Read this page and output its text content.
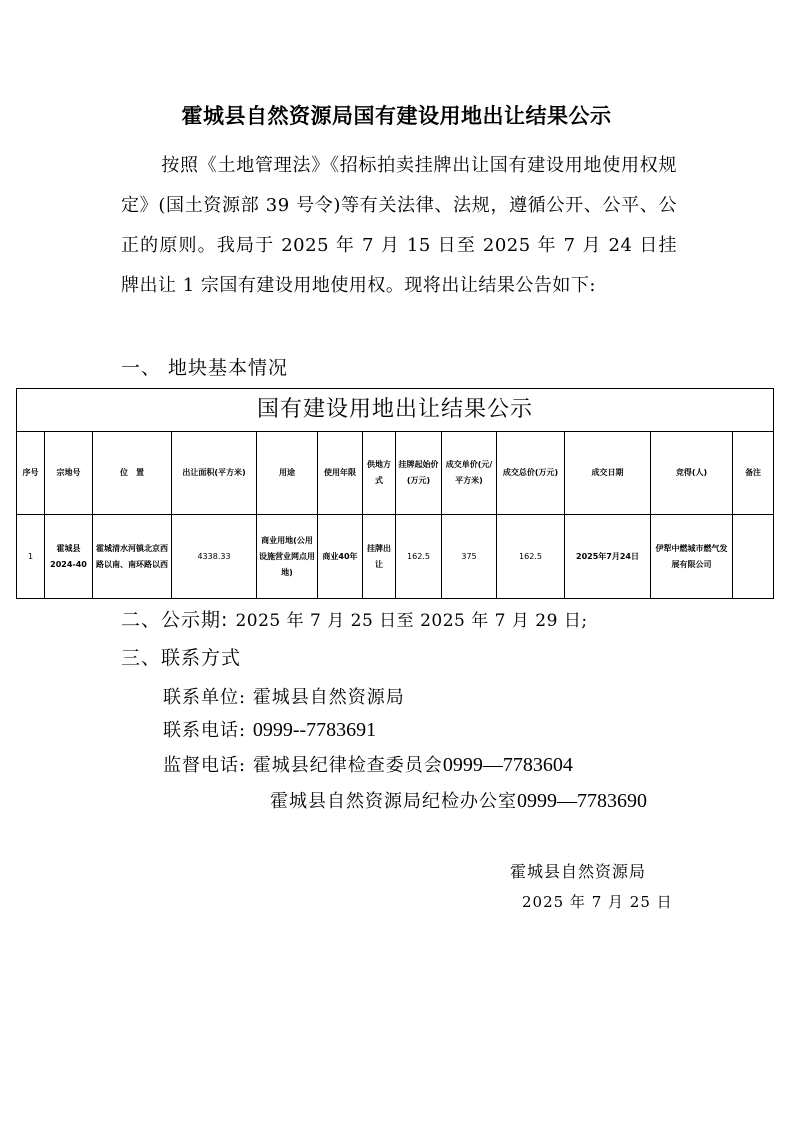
霍城县自然资源局国有建设用地出让结果公示
按照《土地管理法》《招标拍卖挂牌出让国有建设用地使用权规定》(国土资源部 39 号令)等有关法律、法规，遵循公开、公平、公正的原则。我局于 2025 年 7 月 15 日至 2025 年 7 月 24 日挂牌出让 1 宗国有建设用地使用权。现将出让结果公告如下:
一、 地块基本情况
国有建设用地出让结果公示												
序号	宗地号	位　置	出让面积(平方米)	用途	使用年限	供地方式	挂牌起始价(万元)	成交单价(元/平方米)	成交总价(万元)	成交日期	竞得(人)	备注
1	霍城县2024-40	霍城清水河镇北京西路以南、南环路以西	4338.33	商业用地(公用设施营业网点用地)	商业40年	挂牌出让	162.5	375	162.5	2025年7月24日	伊犁中燃城市燃气发展有限公司	
二、公示期: 2025 年 7 月 25 日至 2025 年 7 月 29 日;
三、联系方式
联系单位: 霍城县自然资源局
联系电话: 0999--7783691
监督电话: 霍城县纪律检查委员会0999—7783604
霍城县自然资源局纪检办公室0999—7783690
霍城县自然资源局
2025 年 7 月 25 日
